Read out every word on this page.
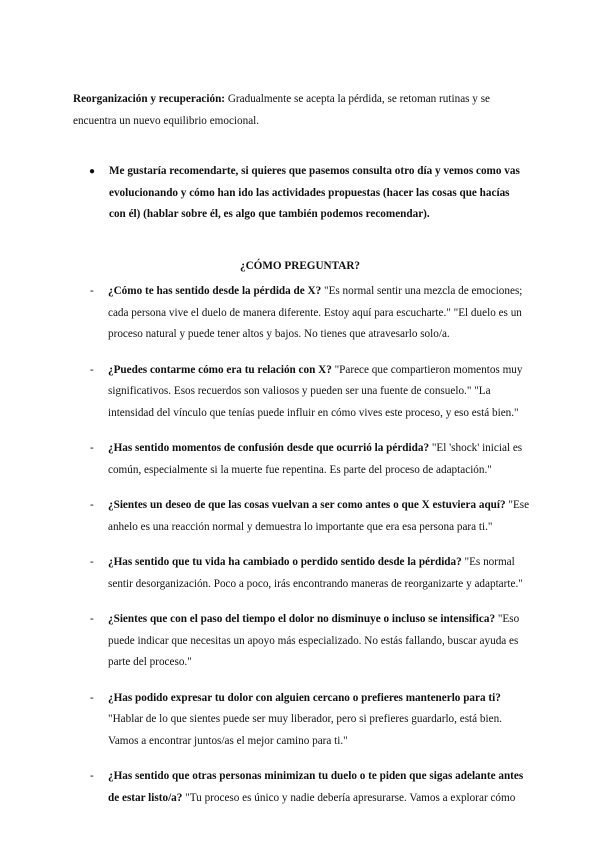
Reorganización y recuperación: Gradualmente se acepta la pérdida, se retoman rutinas y se encuentra un nuevo equilibrio emocional.

● Me gustaría recomendarte, si quieres que pasemos consulta otro día y vemos como vas evolucionando y cómo han ido las actividades propuestas (hacer las cosas que hacías con él) (hablar sobre él, es algo que también podemos recomendar).
¿CÓMO PREGUNTAR?
- ¿Cómo te has sentido desde la pérdida de X? "Es normal sentir una mezcla de emociones; cada persona vive el duelo de manera diferente. Estoy aquí para escucharte." "El duelo es un proceso natural y puede tener altos y bajos. No tienes que atravesarlo solo/a.
- ¿Puedes contarme cómo era tu relación con X? "Parece que compartieron momentos muy significativos. Esos recuerdos son valiosos y pueden ser una fuente de consuelo." "La intensidad del vínculo que tenías puede influir en cómo vives este proceso, y eso está bien."
- ¿Has sentido momentos de confusión desde que ocurrió la pérdida? "El 'shock' inicial es común, especialmente si la muerte fue repentina. Es parte del proceso de adaptación."
- ¿Sientes un deseo de que las cosas vuelvan a ser como antes o que X estuviera aquí? "Ese anhelo es una reacción normal y demuestra lo importante que era esa persona para ti."
- ¿Has sentido que tu vida ha cambiado o perdido sentido desde la pérdida? "Es normal sentir desorganización. Poco a poco, irás encontrando maneras de reorganizarte y adaptarte."
- ¿Sientes que con el paso del tiempo el dolor no disminuye o incluso se intensifica? "Eso puede indicar que necesitas un apoyo más especializado. No estás fallando, buscar ayuda es parte del proceso."
- ¿Has podido expresar tu dolor con alguien cercano o prefieres mantenerlo para ti? "Hablar de lo que sientes puede ser muy liberador, pero si prefieres guardarlo, está bien. Vamos a encontrar juntos/as el mejor camino para ti."
- ¿Has sentido que otras personas minimizan tu duelo o te piden que sigas adelante antes de estar listo/a? "Tu proceso es único y nadie debería apresurarse. Vamos a explorar cómo
